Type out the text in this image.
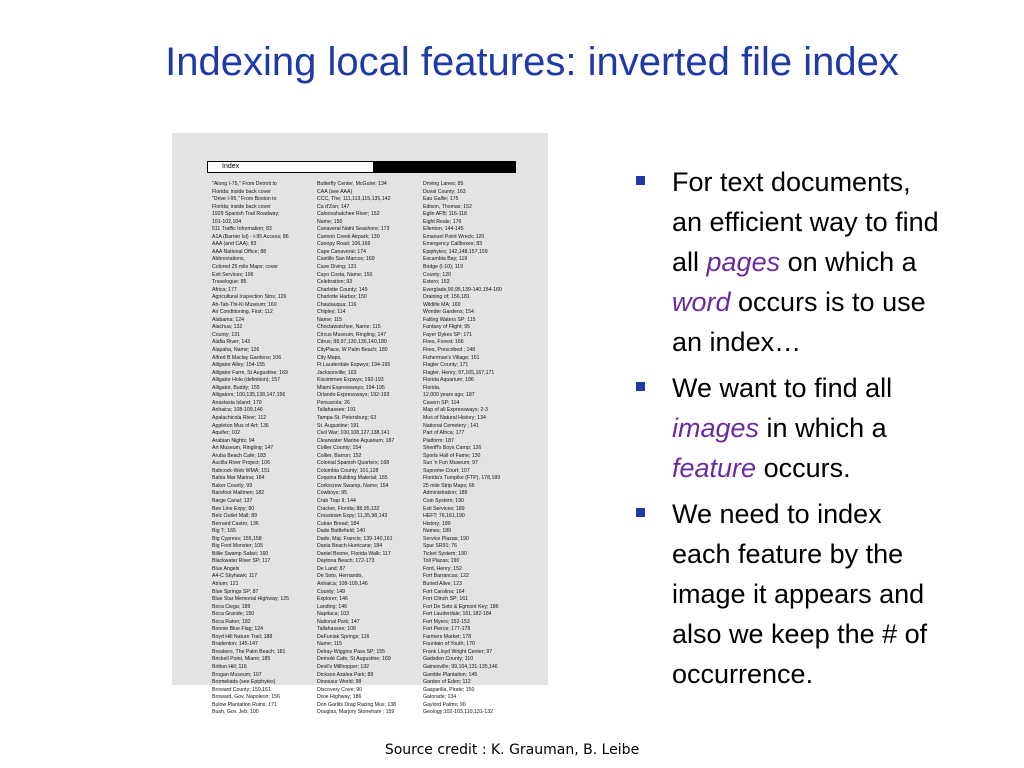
Indexing local features: inverted file index
Index
"Along I-75," From Detroit to
Florida; inside back cover
"Drive I-95," From Boston to
Florida; inside back cover
1929 Spanish Trail Roadway;
101-102,104
511 Traffic Information; 83
A1A (Barrier Isl) - I-95 Access; 86
AAA (and CAA); 83
AAA National Office; 88
Abbreviations,
Colored 25 mile Maps; cover
Exit Services; 196
Travelogue; 85
Africa; 177
Agricultural Inspection Stns; 126
Ah-Tah-Thi-Ki Museum; 160
Air Conditioning, First; 112
Alabama; 124
Alachua; 132
County; 131
Alafia River; 143
Alapaha, Name; 126
Alfred B Maclay Gardens; 106
Alligator Alley; 154-155
Alligator Farm, St Augustine; 169
Alligator Hole (definition); 157
Alligator, Buddy; 155
Alligators; 100,135,138,147,156
Anastasia Island; 170
Anhaica; 108-109,146
Apalachicola River; 112
Appleton Mus of Art; 136
Aquifer; 102
Arabian Nights; 94
Art Museum, Ringling; 147
Aruba Beach Cafe; 183
Aucilla River Project; 106
Babcock-Web WMA; 151
Bahia Mar Marina; 184
Baker County; 99
Barefoot Mailmen; 182
Barge Canal; 137
Bee Line Expy; 80
Belz Outlet Mall; 89
Bernard Castro; 136
Big 'I'; 165
Big Cypress; 155,158
Big Foot Monster; 105
Billie Swamp Safari; 160
Blackwater River SP; 117
Blue Angels
A4-C Skyhawk; 117
Atrium; 121
Blue Springs SP; 87
Blue Star Memorial Highway; 125
Boca Ciega; 189
Boca Grande; 150
Boca Raton; 182
Bonnie Blue Flag; 124
Boyd Hill Nature Trail; 188
Bradenton; 145-147
Breakers, The Palm Beach; 181
Brickell Point, Miami; 185
Britton Hill; 116
Brogan Museum; 107
Bromeliads (see Epiphytes)
Broward County; 159,161
Broward, Gov. Napoleon; 156
Bulow Plantation Ruins; 171
Bush, Gov. Jeb; 100
Butterfly Center, McGuire; 134
CAA (see AAA)
CCC, The; 111,113,115,135,142
Ca d'Zan; 147
Caloosahatchee River; 152
Name; 150
Canaveral Natnl Seashore; 173
Cannon Creek Airpark; 130
Canopy Road; 106,169
Cape Canaveral; 174
Castillo San Marcos; 169
Cave Diving; 131
Cayo Costa, Name; 150
Celebration; 93
Charlotte County; 149
Charlotte Harbor; 150
Chautauqua; 116
Chipley; 114
Name; 115
Choctawatchee, Name; 115
Circus Museum, Ringling; 147
Citrus; 88,97,130,136,140,180
CityPlace, W Palm Beach; 180
City Maps,
Ft Lauderdale Expwys; 194-195
Jacksonville; 163
Kissimmee Expwys; 192-193
Miami Expressways; 194-195
Orlando Expressways; 192-193
Pensacola; 26
Tallahassee; 191
Tampa-St. Petersburg; 63
St. Augustine; 191
Civil War; 100,108,127,138,141
Clearwater Marine Aquarium; 187
Collier County; 154
Collier, Barron; 152
Colonial Spanish Quarters; 168
Columbia County; 101,128
Coquina Building Material; 165
Corkscrew Swamp, Name; 154
Cowboys; 95
Crab Trap II; 144
Cracker, Florida; 88,95,132
Crosstown Expy; 11,35,98,143
Cuban Bread; 184
Dade Battlefield; 140
Dade, Maj. Francis; 139-140,161
Dania Beach Hurricane; 184
Daniel Boone, Florida Walk; 117
Daytona Beach; 172-173
De Land; 87
De Soto, Hernando,
Anhaica; 108-109,146
County; 149
Explorer; 146
Landing; 146
Napitaca; 103
National Park; 147
Tallahassee; 108
DeFuniak Springs; 116
Name; 115
Delray-Wiggins Pass SP; 155
Demolé Cafe, St Augustine; 169
Devil's Millhopper; 132
Dickson Azalea Park; 89
Dinosaur World; 98
Discovery Cove; 90
Dixie Highway; 186
Don Garlits Drag Racing Mus; 138
Douglas, Marjory Stoneham ; 159
Driving Lanes; 85
Duval County; 163
Eau Gallie; 175
Edison, Thomas; 152
Eglin AFB; 116-118
Eight Reale; 176
Ellenton; 144-145
Emanuel Point Wreck; 120
Emergency Callboxes; 83
Epiphytes; 142,148,157,159
Escambia Bay; 119
Bridge (I-10); 119
County; 120
Estero; 153
Everglade,90,95,139-140,154-160
Draining of; 156,181
Wildlife MA; 160
Wonder Gardens; 154
Falling Waters SP; 115
Fantasy of Flight; 95
Fayer Dykes SP; 171
Fires, Forest; 166
Fires, Prescribed ; 148
Fisherman's Village; 151
Flagler County; 171
Flagler, Henry; 97,165,167,171
Florida Aquarium; 186
Florida,
12,000 years ago; 187
Cavern SP; 114
Map of all Expressways; 2-3
Mus of Natural History; 134
National Cemetery ; 141
Part of Africa; 177
Platform; 187
Sheriff's Boys Camp; 126
Sports Hall of Fame; 130
Sun 'n Fun Museum; 97
Supreme Court; 107
Florida's Turnpike (FTP), 178,189
25 mile Strip Maps; 66
Administration; 189
Coin System; 190
Exit Services; 189
HEFT; 76,161,190
History; 189
Names; 189
Service Plazas; 190
Spur SR91; 76
Ticket System; 190
Toll Plazas; 190
Ford, Henry; 152
Fort Barrancas; 122
Buried Alive; 123
Fort Carolina; 164
Fort Clinch SP; 161
Fort De Soto & Egmont Key; 186
Fort Lauderdale; 161,182-184
Fort Myers; 152-153
Fort Pierce; 177-178
Farmers Market; 178
Fountain of Youth; 170
Frank Lloyd Wright Center; 97
Gadsden County; 110
Gainesville; 99,104,131-135,146
Gamble Plantation; 145
Garden of Eden; 112
Gasparilla, Pirate; 150
Gatorade; 134
Gaylord Palms; 90
Geology;102-103,110,131-132
For text documents,
an efficient way to find
all pages on which a
word occurs is to use
an index…
We want to find all
images in which a
feature occurs.
We need to index
each feature by the
image it appears and
also we keep the # of
occurrence.
Source credit : K. Grauman, B. Leibe
